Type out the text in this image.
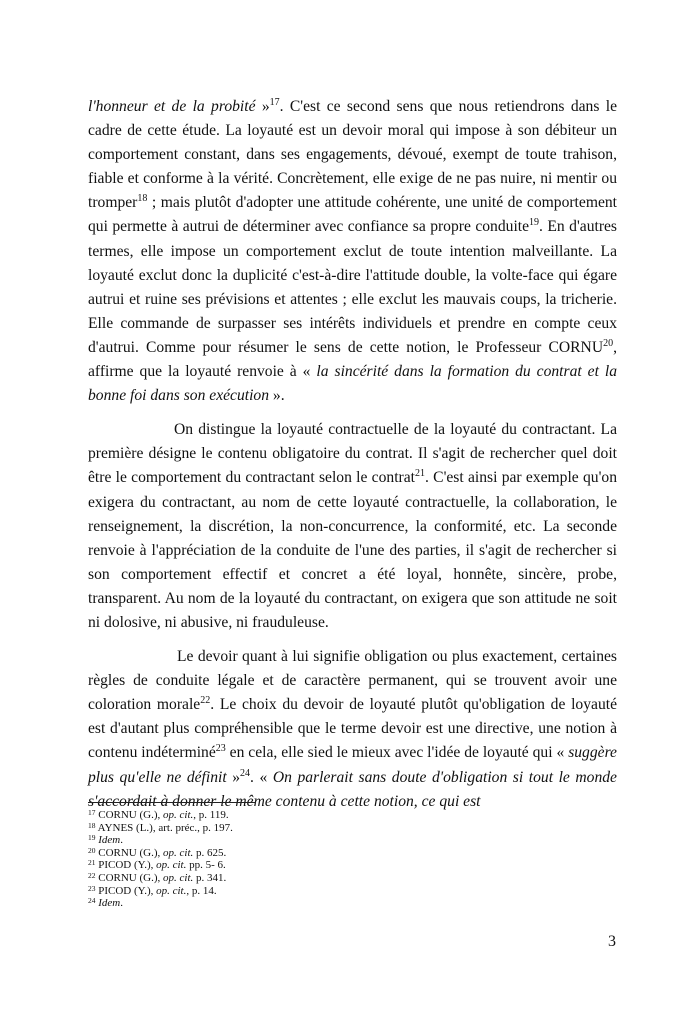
l'honneur et de la probité »$^{17}$. C'est ce second sens que nous retiendrons dans le cadre de cette étude. La loyauté est un devoir moral qui impose à son débiteur un comportement constant, dans ses engagements, dévoué, exempt de toute trahison, fiable et conforme à la vérité. Concrètement, elle exige de ne pas nuire, ni mentir ou tromper$^{18}$ ; mais plutôt d'adopter une attitude cohérente, une unité de comportement qui permette à autrui de déterminer avec confiance sa propre conduite$^{19}$. En d'autres termes, elle impose un comportement exclut de toute intention malveillante. La loyauté exclut donc la duplicité c'est-à-dire l'attitude double, la volte-face qui égare autrui et ruine ses prévisions et attentes ; elle exclut les mauvais coups, la tricherie. Elle commande de surpasser ses intérêts individuels et prendre en compte ceux d'autrui. Comme pour résumer le sens de cette notion, le Professeur CORNU$^{20}$, affirme que la loyauté renvoie à « la sincérité dans la formation du contrat et la bonne foi dans son exécution ».

On distingue la loyauté contractuelle de la loyauté du contractant. La première désigne le contenu obligatoire du contrat. Il s'agit de rechercher quel doit être le comportement du contractant selon le contrat$^{21}$. C'est ainsi par exemple qu'on exigera du contractant, au nom de cette loyauté contractuelle, la collaboration, le renseignement, la discrétion, la non-concurrence, la conformité, etc. La seconde renvoie à l'appréciation de la conduite de l'une des parties, il s'agit de rechercher si son comportement effectif et concret a été loyal, honnête, sincère, probe, transparent. Au nom de la loyauté du contractant, on exigera que son attitude ne soit ni dolosive, ni abusive, ni frauduleuse.

Le devoir quant à lui signifie obligation ou plus exactement, certaines règles de conduite légale et de caractère permanent, qui se trouvent avoir une coloration morale$^{22}$. Le choix du devoir de loyauté plutôt qu'obligation de loyauté est d'autant plus compréhensible que le terme devoir est une directive, une notion à contenu indéterminé$^{23}$ en cela, elle sied le mieux avec l'idée de loyauté qui « suggère plus qu'elle ne définit »$^{24}$. « On parlerait sans doute d'obligation si tout le monde s'accordait à donner le même contenu à cette notion, ce qui est

$^{17}$ CORNU (G.), op. cit., p. 119.
$^{18}$ AYNES (L.), art. préc., p. 197.
$^{19}$ Idem.
$^{20}$ CORNU (G.), op. cit. p. 625.
$^{21}$ PICOD (Y.), op. cit. pp. 5- 6.
$^{22}$ CORNU (G.), op. cit. p. 341.
$^{23}$ PICOD (Y.), op. cit., p. 14.
$^{24}$ Idem.
3
